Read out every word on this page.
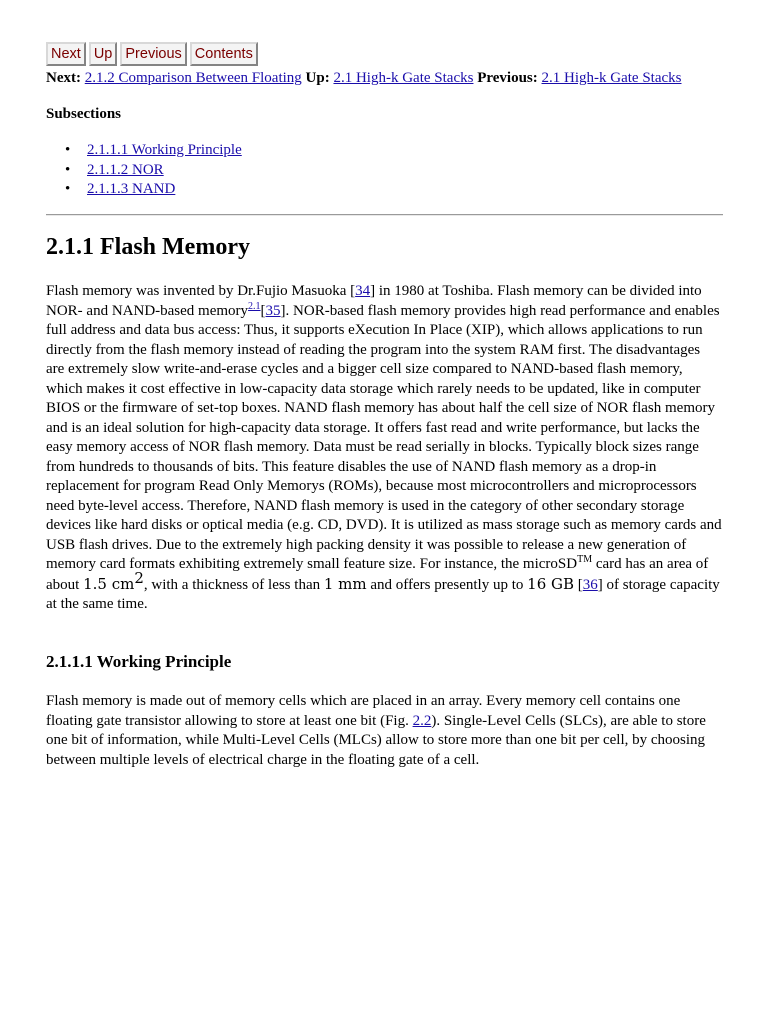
Next Up Previous Contents
Next: 2.1.2 Comparison Between Floating Up: 2.1 High-k Gate Stacks Previous: 2.1 High-k Gate Stacks
Subsections
• 2.1.1.1 Working Principle
• 2.1.1.2 NOR
• 2.1.1.3 NAND
2.1.1 Flash Memory

Flash memory was invented by Dr.Fujio Masuoka [34] in 1980 at Toshiba. Flash memory can be divided into NOR- and NAND-based memory$^{2.1}$[35]. NOR-based flash memory provides high read performance and enables full address and data bus access: Thus, it supports eXecution In Place (XIP), which allows applications to run directly from the flash memory instead of reading the program into the system RAM first. The disadvantages are extremely slow write-and-erase cycles and a bigger cell size compared to NAND-based flash memory, which makes it cost effective in low-capacity data storage which rarely needs to be updated, like in computer BIOS or the firmware of set-top boxes. NAND flash memory has about half the cell size of NOR flash memory and is an ideal solution for high-capacity data storage. It offers fast read and write performance, but lacks the easy memory access of NOR flash memory. Data must be read serially in blocks. Typically block sizes range from hundreds to thousands of bits. This feature disables the use of NAND flash memory as a drop-in replacement for program Read Only Memorys (ROMs), because most microcontrollers and microprocessors need byte-level access. Therefore, NAND flash memory is used in the category of other secondary storage devices like hard disks or optical media (e.g. CD, DVD). It is utilized as mass storage such as memory cards and USB flash drives. Due to the extremely high packing density it was possible to release a new generation of memory card formats exhibiting extremely small feature size. For instance, the microSD™ card has an area of about 1.5 $cm^2$, with a thickness of less than 1 mm and offers presently up to 16 GB [36] of storage capacity at the same time.

2.1.1.1 Working Principle

Flash memory is made out of memory cells which are placed in an array. Every memory cell contains one floating gate transistor allowing to store at least one bit (Fig. 2.2). Single-Level Cells (SLCs), are able to store one bit of information, while Multi-Level Cells (MLCs) allow to store more than one bit per cell, by choosing between multiple levels of electrical charge in the floating gate of a cell.
